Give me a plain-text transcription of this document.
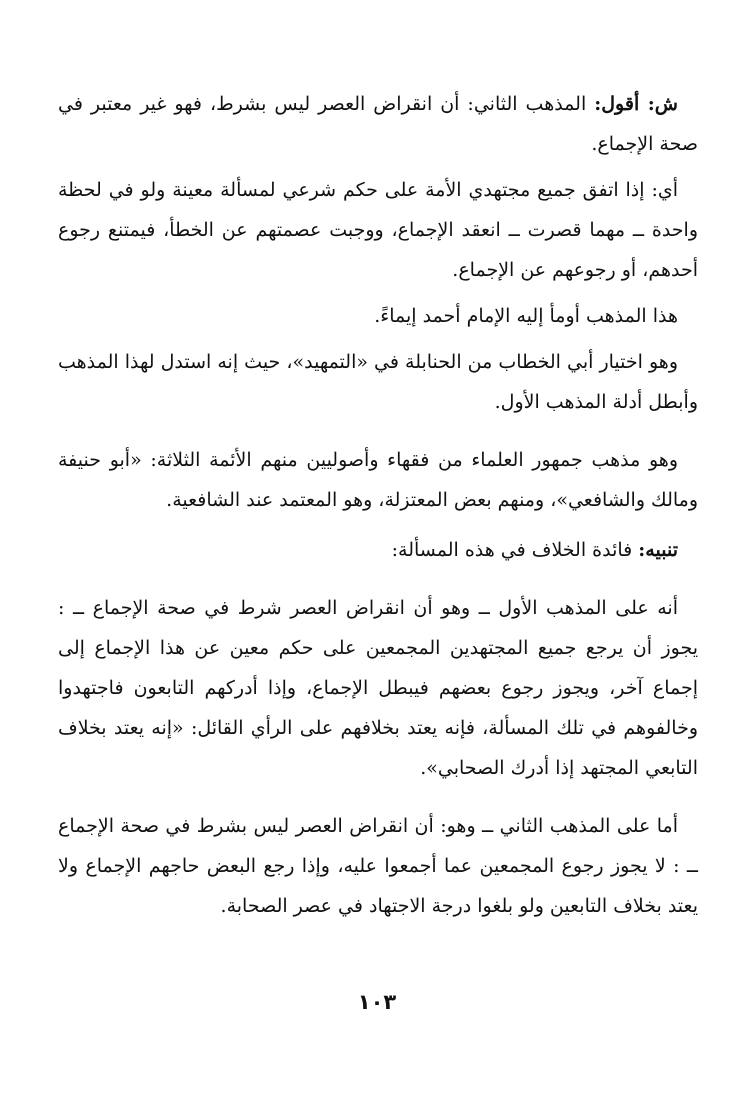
ش: أقول: المذهب الثاني: أن انقراض العصر ليس بشرط، فهو غير معتبر في صحة الإجماع.

أي: إذا اتفق جميع مجتهدي الأمة على حكم شرعي لمسألة معينة ولو في لحظة واحدة ــ مهما قصرت ــ انعقد الإجماع، ووجبت عصمتهم عن الخطأ، فيمتنع رجوع أحدهم، أو رجوعهم عن الإجماع.

هذا المذهب أومأ إليه الإمام أحمد إيماءً.

وهو اختيار أبي الخطاب من الحنابلة في «التمهيد»، حيث إنه استدل لهذا المذهب وأبطل أدلة المذهب الأول.

وهو مذهب جمهور العلماء من فقهاء وأصوليين منهم الأئمة الثلاثة: «أبو حنيفة ومالك والشافعي»، ومنهم بعض المعتزلة، وهو المعتمد عند الشافعية.

تنبيه: فائدة الخلاف في هذه المسألة:

أنه على المذهب الأول ــ وهو أن انقراض العصر شرط في صحة الإجماع ــ : يجوز أن يرجع جميع المجتهدين المجمعين على حكم معين عن هذا الإجماع إلى إجماع آخر، ويجوز رجوع بعضهم فيبطل الإجماع، وإذا أدركهم التابعون فاجتهدوا وخالفوهم في تلك المسألة، فإنه يعتد بخلافهم على الرأي القائل: «إنه يعتد بخلاف التابعي المجتهد إذا أدرك الصحابي».

أما على المذهب الثاني ــ وهو: أن انقراض العصر ليس بشرط في صحة الإجماع ــ : لا يجوز رجوع المجمعين عما أجمعوا عليه، وإذا رجع البعض حاجهم الإجماع ولا يعتد بخلاف التابعين ولو بلغوا درجة الاجتهاد في عصر الصحابة.

١٠٣
